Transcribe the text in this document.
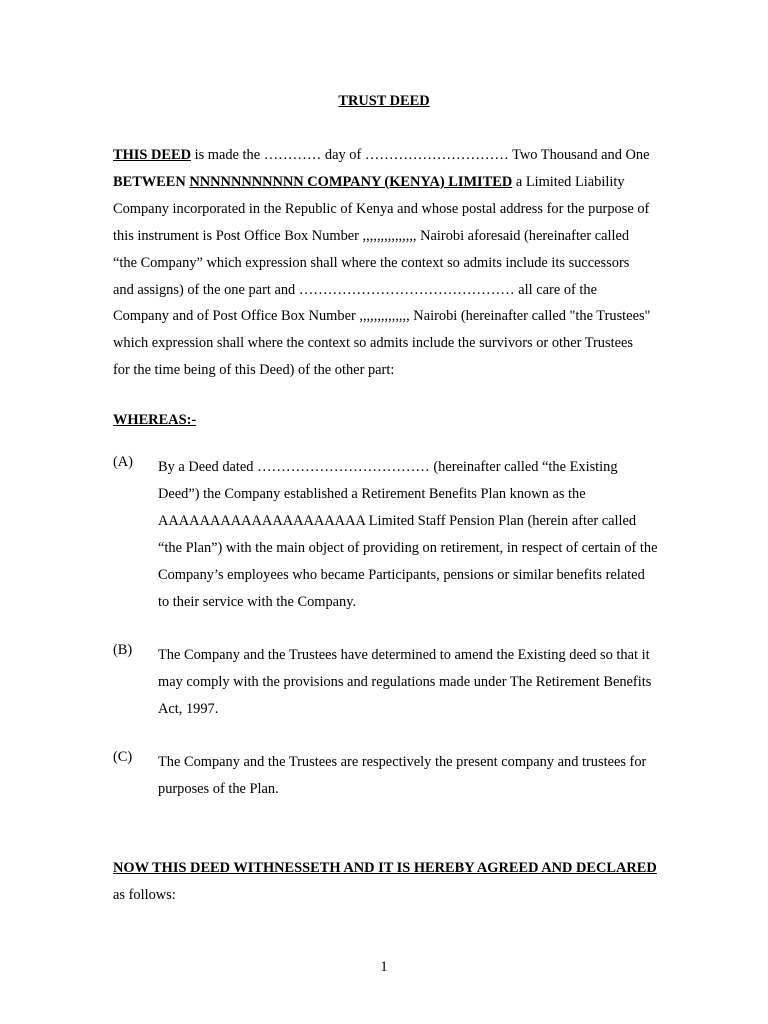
TRUST DEED

THIS DEED is made the ………… day of ………………………… Two Thousand and One BETWEEN NNNNNNNNNNN COMPANY (KENYA) LIMITED a Limited Liability Company incorporated in the Republic of Kenya and whose postal address for the purpose of this instrument is Post Office Box Number ,,,,,,,,,,,,,,, Nairobi aforesaid (hereinafter called “the Company” which expression shall where the context so admits include its successors and assigns) of the one part and ……………………………………… all care of the Company and of Post Office Box Number ,,,,,,,,,,,,,, Nairobi (hereinafter called "the Trustees" which expression shall where the context so admits include the survivors or other Trustees for the time being of this Deed) of the other part:

WHEREAS:-
(A) By a Deed dated ……………………………… (hereinafter called “the Existing Deed”) the Company established a Retirement Benefits Plan known as the AAAAAAAAAAAAAAAAAAAA Limited Staff Pension Plan (herein after called “the Plan”) with the main object of providing on retirement, in respect of certain of the Company’s employees who became Participants, pensions or similar benefits related to their service with the Company.

(B) The Company and the Trustees have determined to amend the Existing deed so that it may comply with the provisions and regulations made under The Retirement Benefits Act, 1997.

(C) The Company and the Trustees are respectively the present company and trustees for purposes of the Plan.

NOW THIS DEED WITHNESSETH AND IT IS HEREBY AGREED AND DECLARED as follows:

1
